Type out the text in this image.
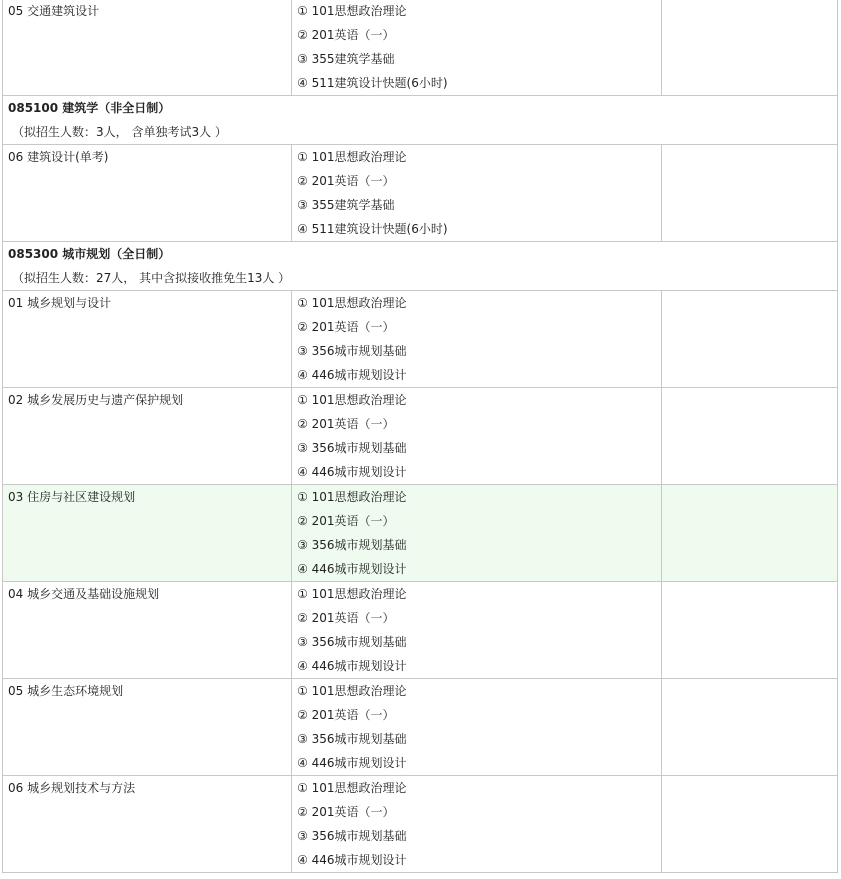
05 交通建筑设计	① 101思想政治理论
② 201英语（一）
③ 355建筑学基础
④ 511建筑设计快题(6小时)	

085100 建筑学（非全日制）
（拟招生人数：3人， 含单独考试3人 ）		

06 建筑设计(单考)	① 101思想政治理论
② 201英语（一）
③ 355建筑学基础
④ 511建筑设计快题(6小时)	

085300 城市规划（全日制）
（拟招生人数：27人， 其中含拟接收推免生13人 ）		

01 城乡规划与设计	① 101思想政治理论
② 201英语（一）
③ 356城市规划基础
④ 446城市规划设计	

02 城乡发展历史与遗产保护规划	① 101思想政治理论
② 201英语（一）
③ 356城市规划基础
④ 446城市规划设计	

03 住房与社区建设规划	① 101思想政治理论
② 201英语（一）
③ 356城市规划基础
④ 446城市规划设计	

04 城乡交通及基础设施规划	① 101思想政治理论
② 201英语（一）
③ 356城市规划基础
④ 446城市规划设计	

05 城乡生态环境规划	① 101思想政治理论
② 201英语（一）
③ 356城市规划基础
④ 446城市规划设计	

06 城乡规划技术与方法	① 101思想政治理论
② 201英语（一）
③ 356城市规划基础
④ 446城市规划设计	
